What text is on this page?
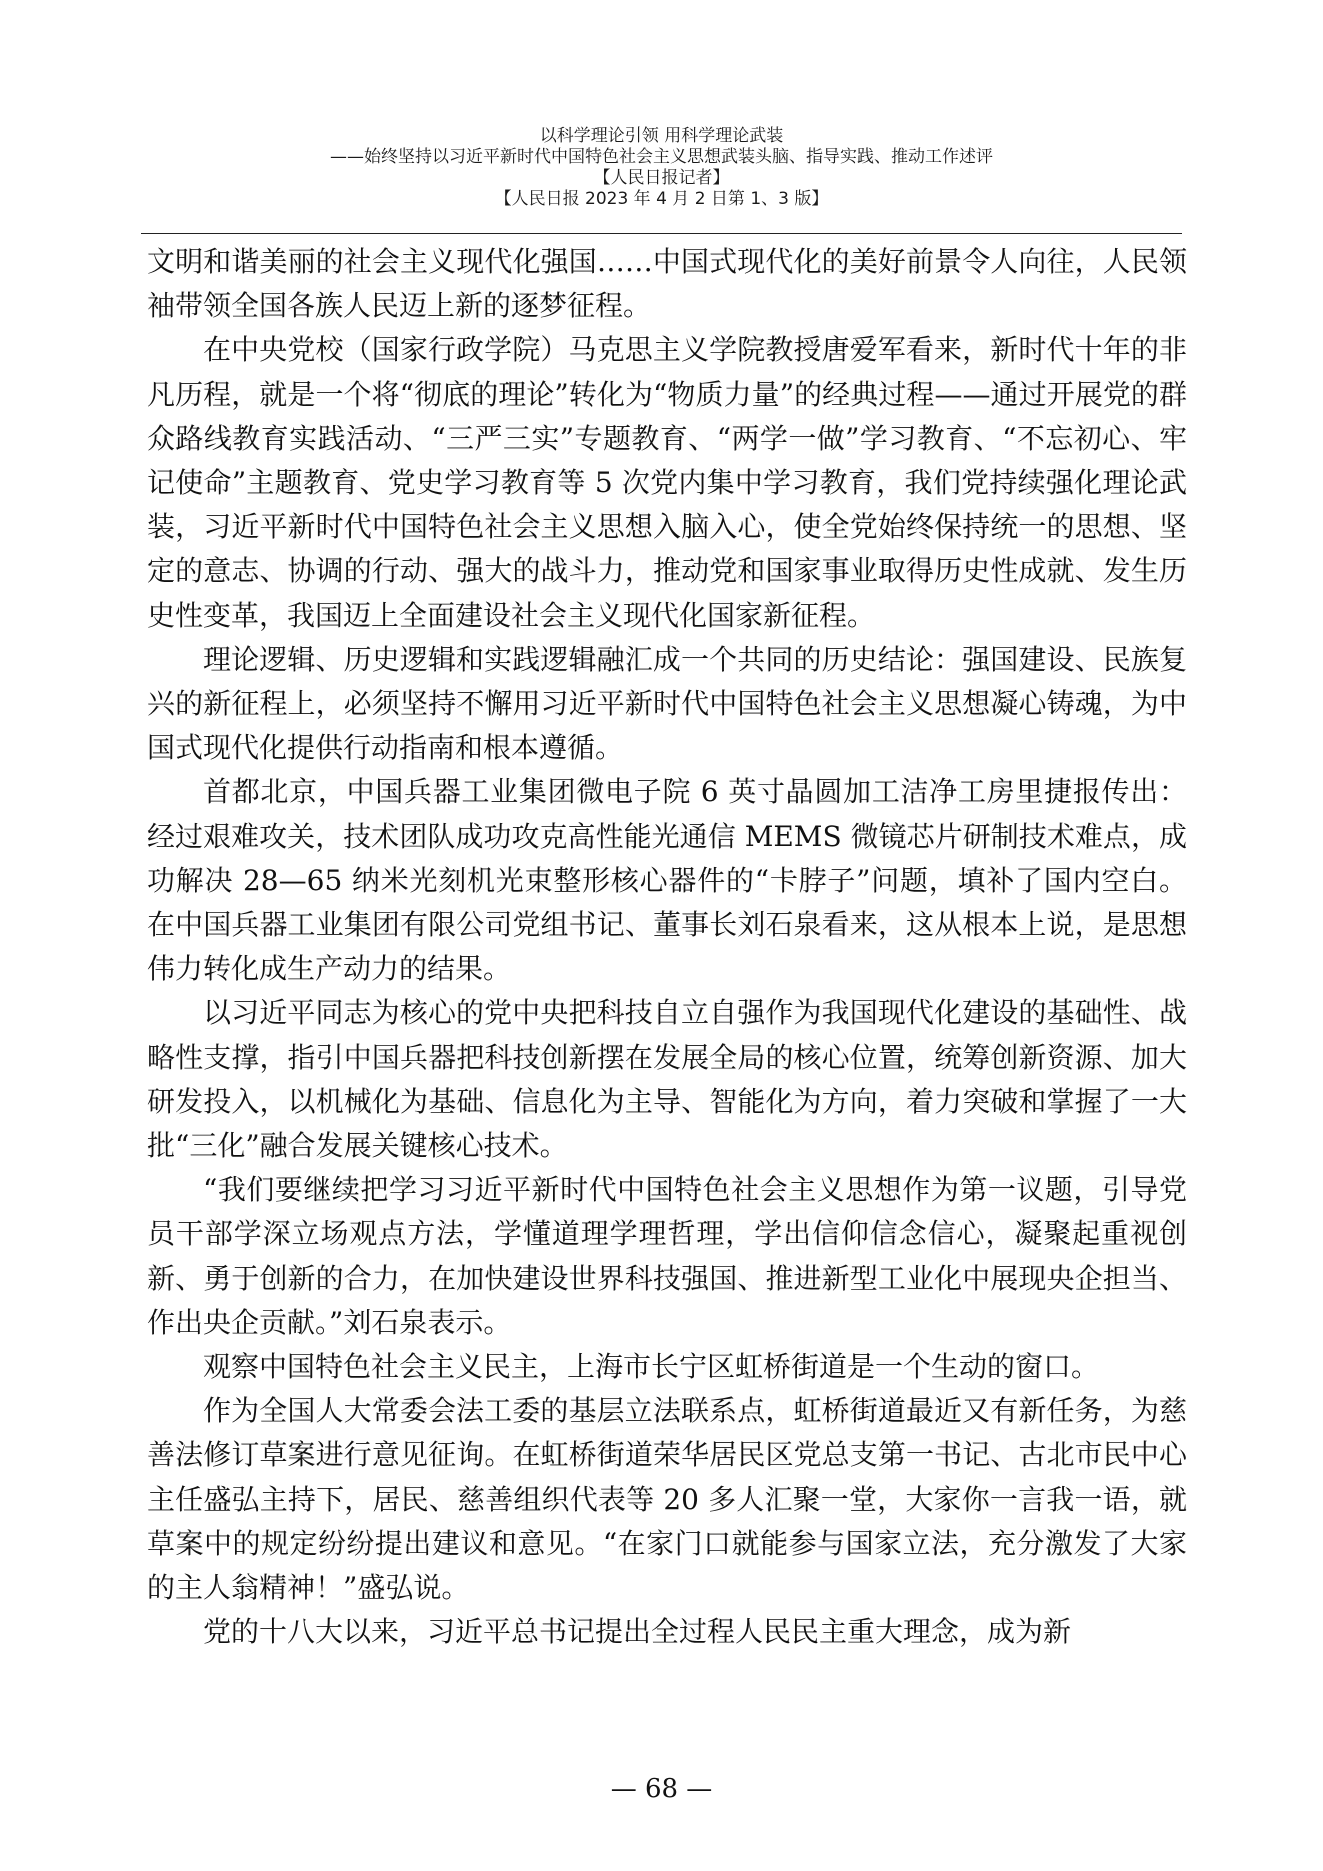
以科学理论引领 用科学理论武装
——始终坚持以习近平新时代中国特色社会主义思想武装头脑、指导实践、推动工作述评
【人民日报记者】
【人民日报 2023 年 4 月 2 日第 1、3 版】

文明和谐美丽的社会主义现代化强国……中国式现代化的美好前景令人向往，人民领袖带领全国各族人民迈上新的逐梦征程。

在中央党校（国家行政学院）马克思主义学院教授唐爱军看来，新时代十年的非凡历程，就是一个将“彻底的理论”转化为“物质力量”的经典过程——通过开展党的群众路线教育实践活动、“三严三实”专题教育、“两学一做”学习教育、“不忘初心、牢记使命”主题教育、党史学习教育等 5 次党内集中学习教育，我们党持续强化理论武装，习近平新时代中国特色社会主义思想入脑入心，使全党始终保持统一的思想、坚定的意志、协调的行动、强大的战斗力，推动党和国家事业取得历史性成就、发生历史性变革，我国迈上全面建设社会主义现代化国家新征程。

理论逻辑、历史逻辑和实践逻辑融汇成一个共同的历史结论：强国建设、民族复兴的新征程上，必须坚持不懈用习近平新时代中国特色社会主义思想凝心铸魂，为中国式现代化提供行动指南和根本遵循。

首都北京，中国兵器工业集团微电子院 6 英寸晶圆加工洁净工房里捷报传出：经过艰难攻关，技术团队成功攻克高性能光通信 MEMS 微镜芯片研制技术难点，成功解决 28—65 纳米光刻机光束整形核心器件的“卡脖子”问题，填补了国内空白。在中国兵器工业集团有限公司党组书记、董事长刘石泉看来，这从根本上说，是思想伟力转化成生产动力的结果。

以习近平同志为核心的党中央把科技自立自强作为我国现代化建设的基础性、战略性支撑，指引中国兵器把科技创新摆在发展全局的核心位置，统筹创新资源、加大研发投入，以机械化为基础、信息化为主导、智能化为方向，着力突破和掌握了一大批“三化”融合发展关键核心技术。

“我们要继续把学习习近平新时代中国特色社会主义思想作为第一议题，引导党员干部学深立场观点方法，学懂道理学理哲理，学出信仰信念信心，凝聚起重视创新、勇于创新的合力，在加快建设世界科技强国、推进新型工业化中展现央企担当、作出央企贡献。”刘石泉表示。

观察中国特色社会主义民主，上海市长宁区虹桥街道是一个生动的窗口。

作为全国人大常委会法工委的基层立法联系点，虹桥街道最近又有新任务，为慈善法修订草案进行意见征询。在虹桥街道荣华居民区党总支第一书记、古北市民中心主任盛弘主持下，居民、慈善组织代表等 20 多人汇聚一堂，大家你一言我一语，就草案中的规定纷纷提出建议和意见。“在家门口就能参与国家立法，充分激发了大家的主人翁精神！”盛弘说。

党的十八大以来，习近平总书记提出全过程人民民主重大理念，成为新

— 68 —
